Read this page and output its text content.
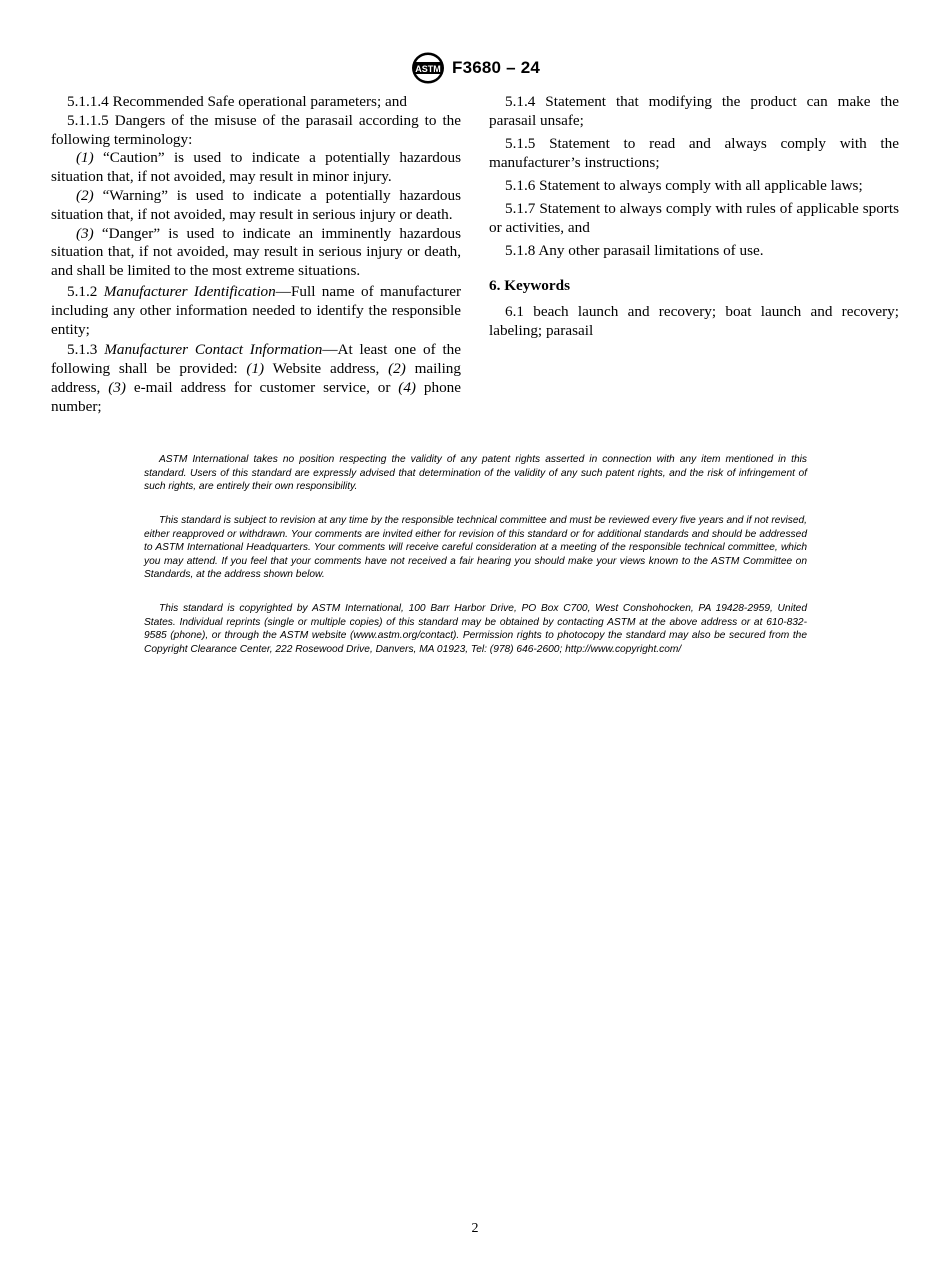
ASTM F3680 – 24

5.1.1.4 Recommended Safe operational parameters; and

5.1.1.5 Dangers of the misuse of the parasail according to the following terminology:

(1) “Caution” is used to indicate a potentially hazardous situation that, if not avoided, may result in minor injury.

(2) “Warning” is used to indicate a potentially hazardous situation that, if not avoided, may result in serious injury or death.

(3) “Danger” is used to indicate an imminently hazardous situation that, if not avoided, may result in serious injury or death, and shall be limited to the most extreme situations.

5.1.2 Manufacturer Identification—Full name of manufacturer including any other information needed to identify the responsible entity;

5.1.3 Manufacturer Contact Information—At least one of the following shall be provided: (1) Website address, (2) mailing address, (3) e-mail address for customer service, or (4) phone number;

5.1.4 Statement that modifying the product can make the parasail unsafe;

5.1.5 Statement to read and always comply with the manufacturer’s instructions;

5.1.6 Statement to always comply with all applicable laws;

5.1.7 Statement to always comply with rules of applicable sports or activities, and

5.1.8 Any other parasail limitations of use.

6. Keywords

6.1 beach launch and recovery; boat launch and recovery; labeling; parasail

ASTM International takes no position respecting the validity of any patent rights asserted in connection with any item mentioned in this standard. Users of this standard are expressly advised that determination of the validity of any such patent rights, and the risk of infringement of such rights, are entirely their own responsibility.

This standard is subject to revision at any time by the responsible technical committee and must be reviewed every five years and if not revised, either reapproved or withdrawn. Your comments are invited either for revision of this standard or for additional standards and should be addressed to ASTM International Headquarters. Your comments will receive careful consideration at a meeting of the responsible technical committee, which you may attend. If you feel that your comments have not received a fair hearing you should make your views known to the ASTM Committee on Standards, at the address shown below.

This standard is copyrighted by ASTM International, 100 Barr Harbor Drive, PO Box C700, West Conshohocken, PA 19428-2959, United States. Individual reprints (single or multiple copies) of this standard may be obtained by contacting ASTM at the above address or at 610-832-9585 (phone), or through the ASTM website (www.astm.org/contact). Permission rights to photocopy the standard may also be secured from the Copyright Clearance Center, 222 Rosewood Drive, Danvers, MA 01923, Tel: (978) 646-2600; http://www.copyright.com/

2
